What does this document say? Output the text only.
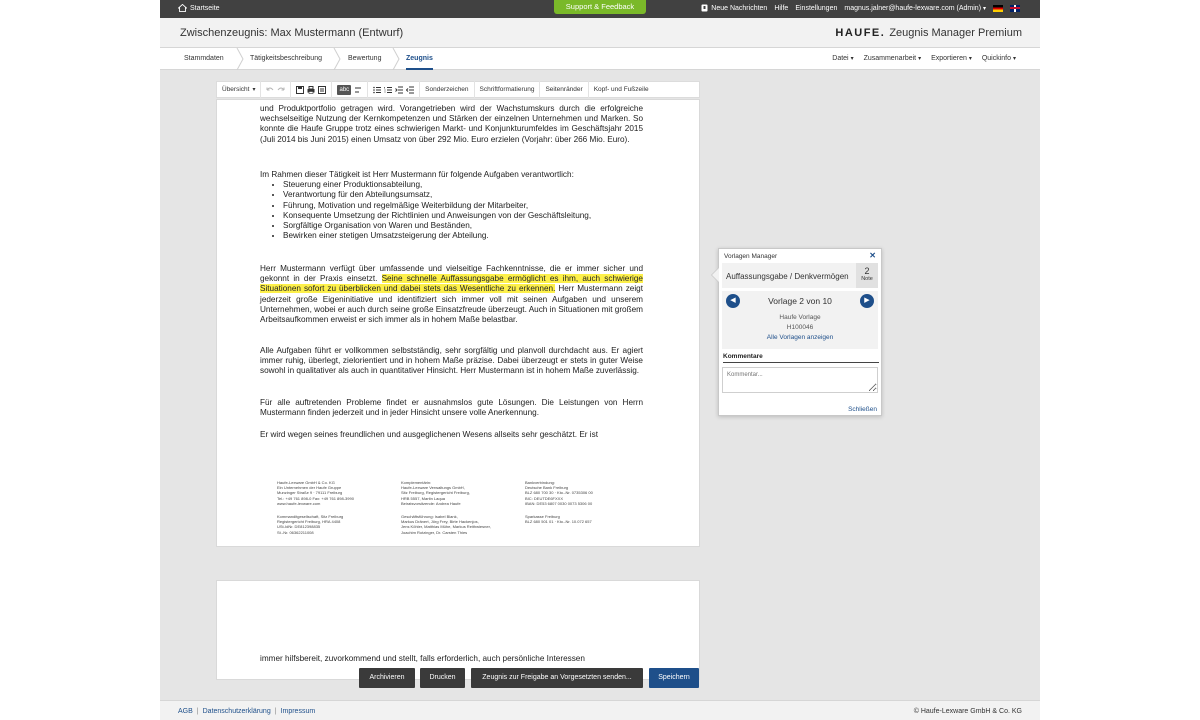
Startseite	Support & Feedback	Neue Nachrichten Hilfe Einstellungen magnus.jalner@haufe-lexware.com (Admin) ▾
Zwischenzeugnis: Max Mustermann (Entwurf)	HAUFE. Zeugnis Manager Premium
Stammdaten	Tätigkeitsbeschreibung	Bewertung	Zeugnis	Datei ▾ Zusammenarbeit ▾ Exportieren ▾ Quickinfo ▾
Übersicht ▾	abc	Sonderzeichen	Schriftformatierung	Seitenränder	Kopf- und Fußzeile
und Produktportfolio getragen wird. Vorangetrieben wird der Wachstumskurs durch die erfolgreiche wechselseitige Nutzung der Kernkompetenzen und Stärken der einzelnen Unternehmen und Marken. So konnte die Haufe Gruppe trotz eines schwierigen Markt- und Konjunkturumfeldes im Geschäftsjahr 2015 (Juli 2014 bis Juni 2015) einen Umsatz von über 292 Mio. Euro erzielen (Vorjahr: über 266 Mio. Euro).
Im Rahmen dieser Tätigkeit ist Herr Mustermann für folgende Aufgaben verantwortlich:
• Steuerung einer Produktionsabteilung,
• Verantwortung für den Abteilungsumsatz,
• Führung, Motivation und regelmäßige Weiterbildung der Mitarbeiter,
• Konsequente Umsetzung der Richtlinien und Anweisungen von der Geschäftsleitung,
• Sorgfältige Organisation von Waren und Beständen,
• Bewirken einer stetigen Umsatzsteigerung der Abteilung.
Herr Mustermann verfügt über umfassende und vielseitige Fachkenntnisse, die er immer sicher und gekonnt in der Praxis einsetzt. Seine schnelle Auffassungsgabe ermöglicht es ihm, auch schwierige Situationen sofort zu überblicken und dabei stets das Wesentliche zu erkennen. Herr Mustermann zeigt jederzeit große Eigeninitiative und identifiziert sich immer voll mit seinen Aufgaben und unserem Unternehmen, wobei er auch durch seine große Einsatzfreude überzeugt. Auch in Situationen mit großem Arbeitsaufkommen erweist er sich immer als in hohem Maße belastbar.
Alle Aufgaben führt er vollkommen selbstständig, sehr sorgfältig und planvoll durchdacht aus. Er agiert immer ruhig, überlegt, zielorientiert und in hohem Maße präzise. Dabei überzeugt er stets in guter Weise sowohl in qualitativer als auch in quantitativer Hinsicht. Herr Mustermann ist in hohem Maße zuverlässig.
Für alle auftretenden Probleme findet er ausnahmslos gute Lösungen. Die Leistungen von Herrn Mustermann finden jederzeit und in jeder Hinsicht unsere volle Anerkennung.
Er wird wegen seines freundlichen und ausgeglichenen Wesens allseits sehr geschätzt. Er ist
Haufe-Lexware GmbH & Co. KG
Ein Unternehmen der Haufe Gruppe
Munzinger Straße 9 · 79111 Freiburg
Tel.: +49 761 898-0 Fax: +49 761 898-3990
www.haufe-lexware.com
Kommanditgesellschaft, Sitz Freiburg
Registergericht Freiburg, HRA 4408
USt-IdNr. DE812398835
St.-Nr. 06362211008
Komplementärin:
Haufe-Lexware Verwaltungs GmbH,
Sitz Freiburg, Registergericht Freiburg,
HRB 5557, Martin Laqua
Beiratsvorsitzende: Andrea Haufe
Geschäftsführung: Isabel Blank,
Markus Dränert, Jörg Frey, Birte Hackenjos,
Jens Köhler, Matthias Mühe, Markus Reithwiesner,
Joachim Rotzinger, Dr. Carsten Thies
Bankverbindung:
Deutsche Bank Freiburg
BLZ 680 700 30 · Kto.-Nr. 0735306 00
BIC: DEUTDE6FXXX
IBAN: DE53 6807 0030 0073 5306 00
Sparkasse Freiburg
BLZ 680 501 01 · Kto.-Nr. 10.072 657
immer hilfsbereit, zuvorkommend und stellt, falls erforderlich, auch persönliche Interessen
Vorlagen Manager	✕
Auffassungsgabe / Denkvermögen
2
Note
◀	Vorlage 2 von 10	▶
Haufe Vorlage
H100046
Alle Vorlagen anzeigen
Kommentare
Kommentar...
Schließen
Archivieren	Drucken	Zeugnis zur Freigabe an Vorgesetzten senden...	Speichern
AGB | Datenschutzerklärung | Impressum	© Haufe-Lexware GmbH & Co. KG
